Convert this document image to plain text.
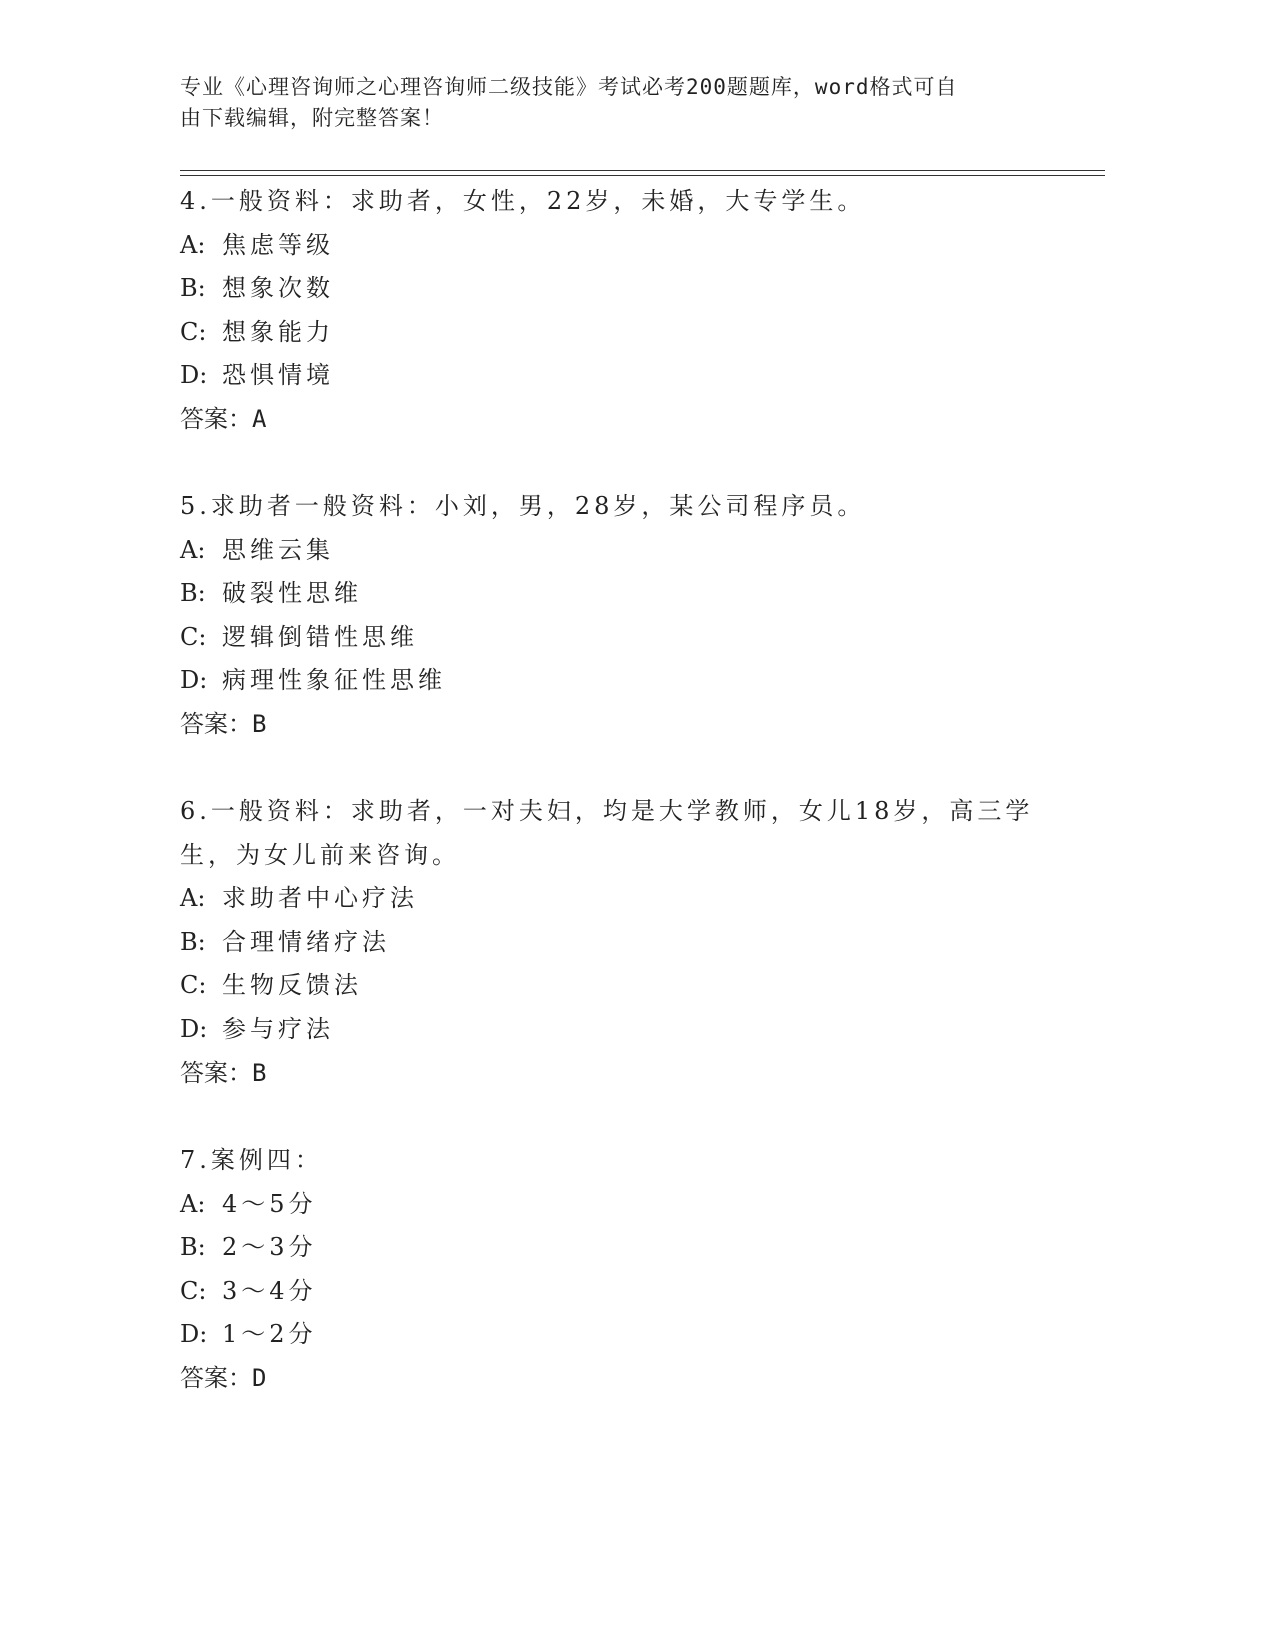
专业《心理咨询师之心理咨询师二级技能》考试必考200题题库，word格式可自
由下载编辑，附完整答案！
4.一般资料：求助者，女性，22岁，未婚，大专学生。
A: 焦虑等级
B: 想象次数
C: 想象能力
D: 恐惧情境
答案：A
5.求助者一般资料：小刘，男，28岁，某公司程序员。
A: 思维云集
B: 破裂性思维
C: 逻辑倒错性思维
D: 病理性象征性思维
答案：B
6.一般资料：求助者，一对夫妇，均是大学教师，女儿18岁，高三学
生，为女儿前来咨询。
A: 求助者中心疗法
B: 合理情绪疗法
C: 生物反馈法
D: 参与疗法
答案：B
7.案例四：
A: 4～5分
B: 2～3分
C: 3～4分
D: 1～2分
答案：D
